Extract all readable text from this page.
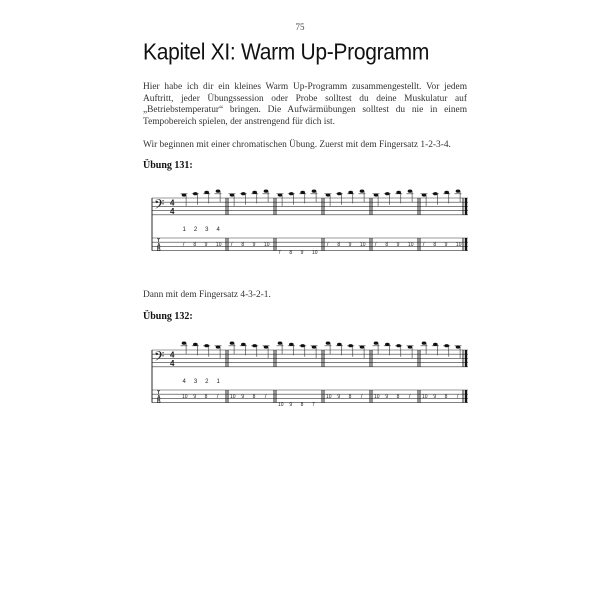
75
Kapitel XI: Warm Up-Programm

Hier habe ich dir ein kleines Warm Up-Programm zusammengestellt. Vor jedem Auftritt, jeder Übungssession oder Probe solltest du deine Muskulatur auf „Betriebstemperatur“ bringen. Die Aufwärmübungen solltest du nie in einem Tempobereich spielen, der anstrengend für dich ist.

Wir beginnen mit einer chromatischen Übung. Zuerst mit dem Fingersatz 1-2-3-4.

Übung 131:

𝄢 4
4
T
A
B
7
1
8
2
9
3
10
4
7 8 9 10
7 8 9 10
7 8 9 10 7 8 9 10 7 8 9 10

Dann mit dem Fingersatz 4-3-2-1.

Übung 132:

𝄢 4
4
T
A
B
10
4
9
3
8
2
7
1
10 9 8 7
10 9 8 7
10 9 8 7 10 9 8 7 10 9 8 7
